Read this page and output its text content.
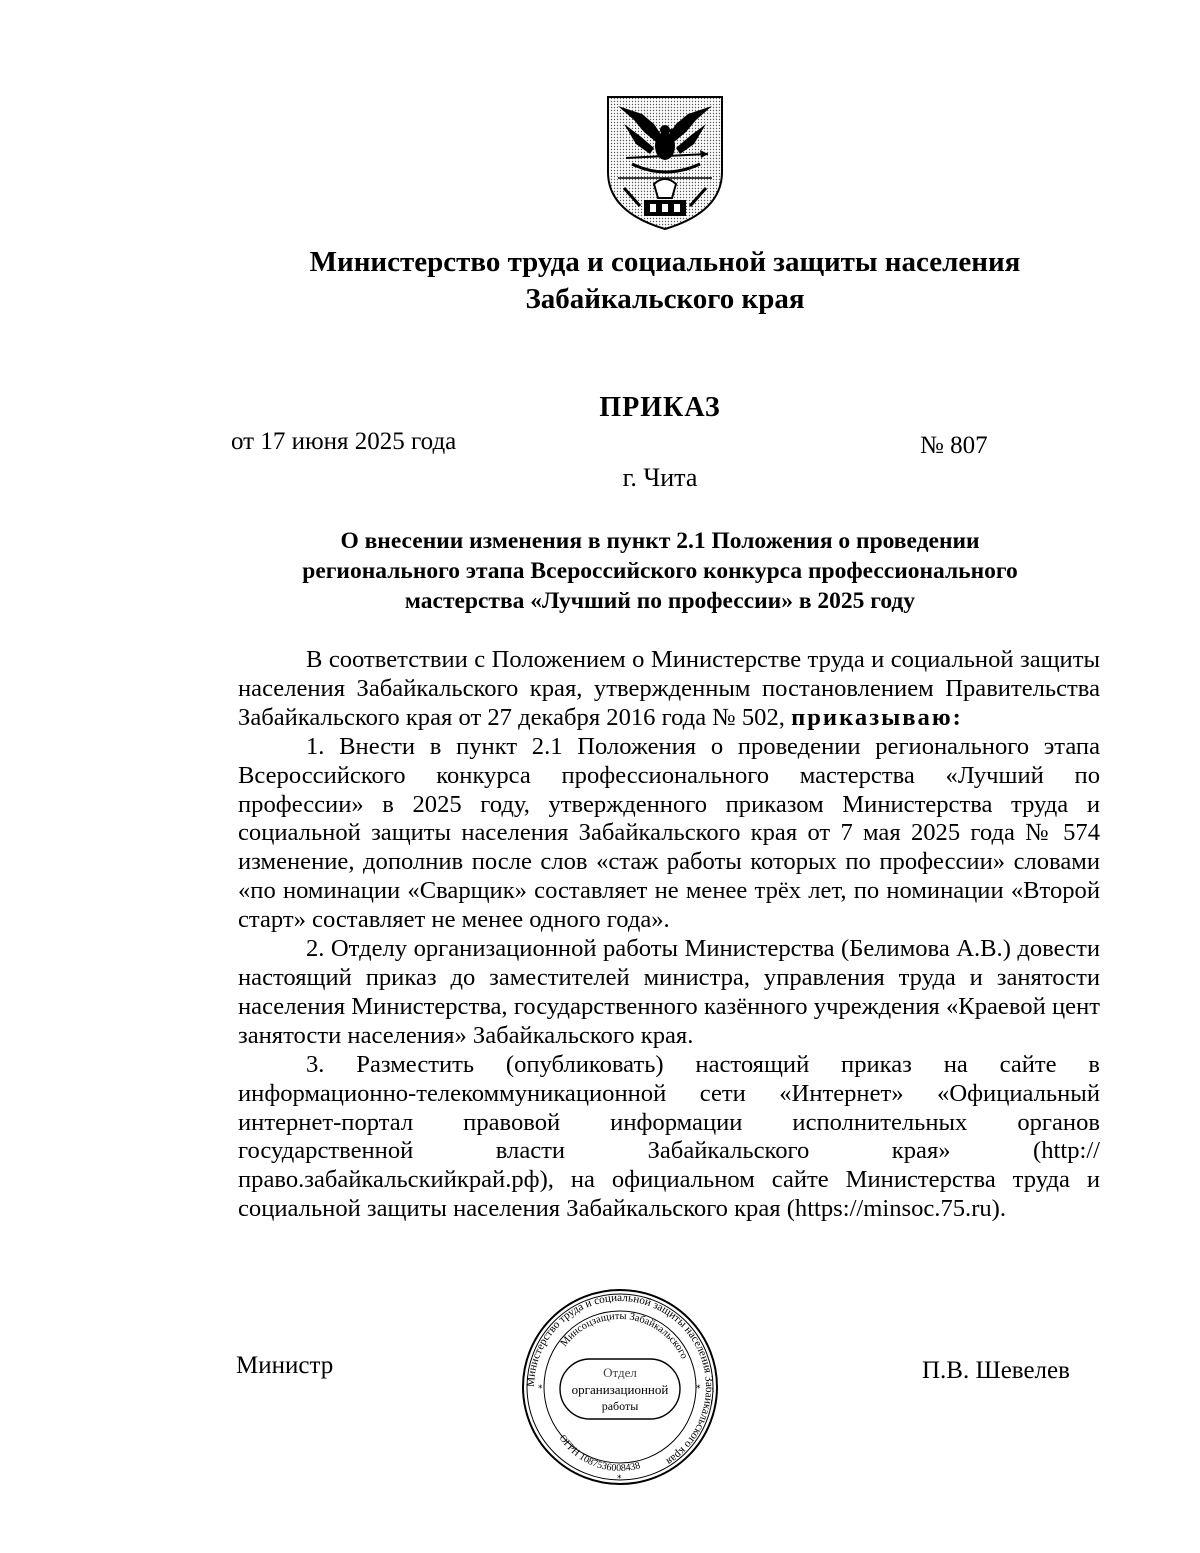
Министерство труда и социальной защиты населения
Забайкальского края
ПРИКАЗ
от 17 июня 2025 года	№ 807
г. Чита
О внесении изменения в пункт 2.1 Положения о проведении
регионального этапа Всероссийского конкурса профессионального
мастерства «Лучший по профессии» в 2025 году

В соответствии с Положением о Министерстве труда и социальной защиты населения Забайкальского края, утвержденным постановлением Правительства Забайкальского края от 27 декабря 2016 года № 502, приказываю:

1. Внести в пункт 2.1 Положения о проведении регионального этапа Всероссийского конкурса профессионального мастерства «Лучший по профессии» в 2025 году, утвержденного приказом Министерства труда и социальной защиты населения Забайкальского края от 7 мая 2025 года № 574 изменение, дополнив после слов «стаж работы которых по профессии» словами «по номинации «Сварщик» составляет не менее трёх лет, по номинации «Второй старт» составляет не менее одного года».

2. Отделу организационной работы Министерства (Белимова А.В.) довести настоящий приказ до заместителей министра, управления труда и занятости населения Министерства, государственного казённого учреждения «Краевой цент занятости населения» Забайкальского края.

3. Разместить (опубликовать) настоящий приказ на сайте в информационно-телекоммуникационной сети «Интернет» «Официальный интернет-портал правовой информации исполнительных органов государственной власти Забайкальского края» (http://право.забайкальскийкрай.рф), на официальном сайте Министерства труда и социальной защиты населения Забайкальского края (https://minsoc.75.ru).

Министр	П.В. Шевелев
Министерство труда и социальной защиты населения Забайкальского края
Минсоцзащиты Забайкальского
ОГРН 1087536008438
Отдел
организационной
работы
*	*
*
